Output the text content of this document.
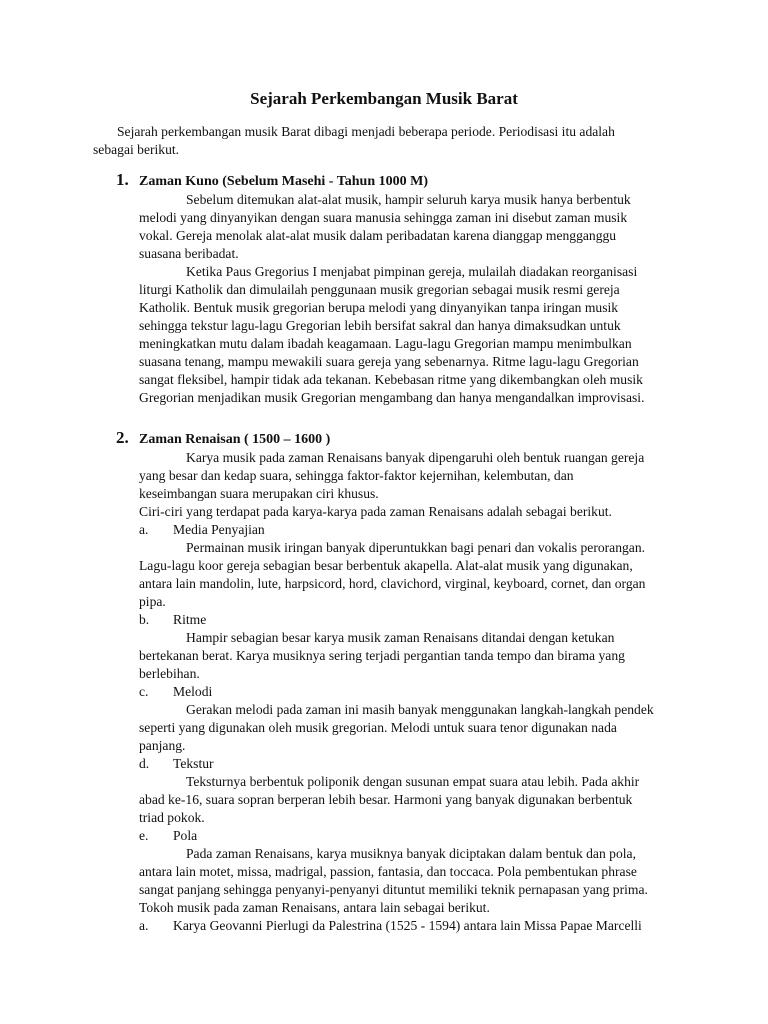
Sejarah Perkembangan Musik Barat
Sejarah perkembangan musik Barat dibagi menjadi beberapa periode. Periodisasi itu adalah
sebagai berikut.
1. Zaman Kuno (Sebelum Masehi - Tahun 1000 M)
Sebelum ditemukan alat-alat musik, hampir seluruh karya musik hanya berbentuk
melodi yang dinyanyikan dengan suara manusia sehingga zaman ini disebut zaman musik
vokal. Gereja menolak alat-alat musik dalam peribadatan karena dianggap mengganggu
suasana beribadat.
Ketika Paus Gregorius I menjabat pimpinan gereja, mulailah diadakan reorganisasi
liturgi Katholik dan dimulailah penggunaan musik gregorian sebagai musik resmi gereja
Katholik. Bentuk musik gregorian berupa melodi yang dinyanyikan tanpa iringan musik
sehingga tekstur lagu-lagu Gregorian lebih bersifat sakral dan hanya dimaksudkan untuk
meningkatkan mutu dalam ibadah keagamaan. Lagu-lagu Gregorian mampu menimbulkan
suasana tenang, mampu mewakili suara gereja yang sebenarnya. Ritme lagu-lagu Gregorian
sangat fleksibel, hampir tidak ada tekanan. Kebebasan ritme yang dikembangkan oleh musik
Gregorian menjadikan musik Gregorian mengambang dan hanya mengandalkan improvisasi.
2. Zaman Renaisan ( 1500 – 1600 )
Karya musik pada zaman Renaisans banyak dipengaruhi oleh bentuk ruangan gereja
yang besar dan kedap suara, sehingga faktor-faktor kejernihan, kelembutan, dan
keseimbangan suara merupakan ciri khusus.
Ciri-ciri yang terdapat pada karya-karya pada zaman Renaisans adalah sebagai berikut.
a. Media Penyajian
Permainan musik iringan banyak diperuntukkan bagi penari dan vokalis perorangan.
Lagu-lagu koor gereja sebagian besar berbentuk akapella. Alat-alat musik yang digunakan,
antara lain mandolin, lute, harpsicord, hord, clavichord, virginal, keyboard, cornet, dan organ
pipa.
b. Ritme
Hampir sebagian besar karya musik zaman Renaisans ditandai dengan ketukan
bertekanan berat. Karya musiknya sering terjadi pergantian tanda tempo dan birama yang
berlebihan.
c. Melodi
Gerakan melodi pada zaman ini masih banyak menggunakan langkah-langkah pendek
seperti yang digunakan oleh musik gregorian. Melodi untuk suara tenor digunakan nada
panjang.
d. Tekstur
Teksturnya berbentuk poliponik dengan susunan empat suara atau lebih. Pada akhir
abad ke-16, suara sopran berperan lebih besar. Harmoni yang banyak digunakan berbentuk
triad pokok.
e. Pola
Pada zaman Renaisans, karya musiknya banyak diciptakan dalam bentuk dan pola,
antara lain motet, missa, madrigal, passion, fantasia, dan toccaca. Pola pembentukan phrase
sangat panjang sehingga penyanyi-penyanyi dituntut memiliki teknik pernapasan yang prima.
Tokoh musik pada zaman Renaisans, antara lain sebagai berikut.
a. Karya Geovanni Pierlugi da Palestrina (1525 - 1594) antara lain Missa Papae Marcelli
